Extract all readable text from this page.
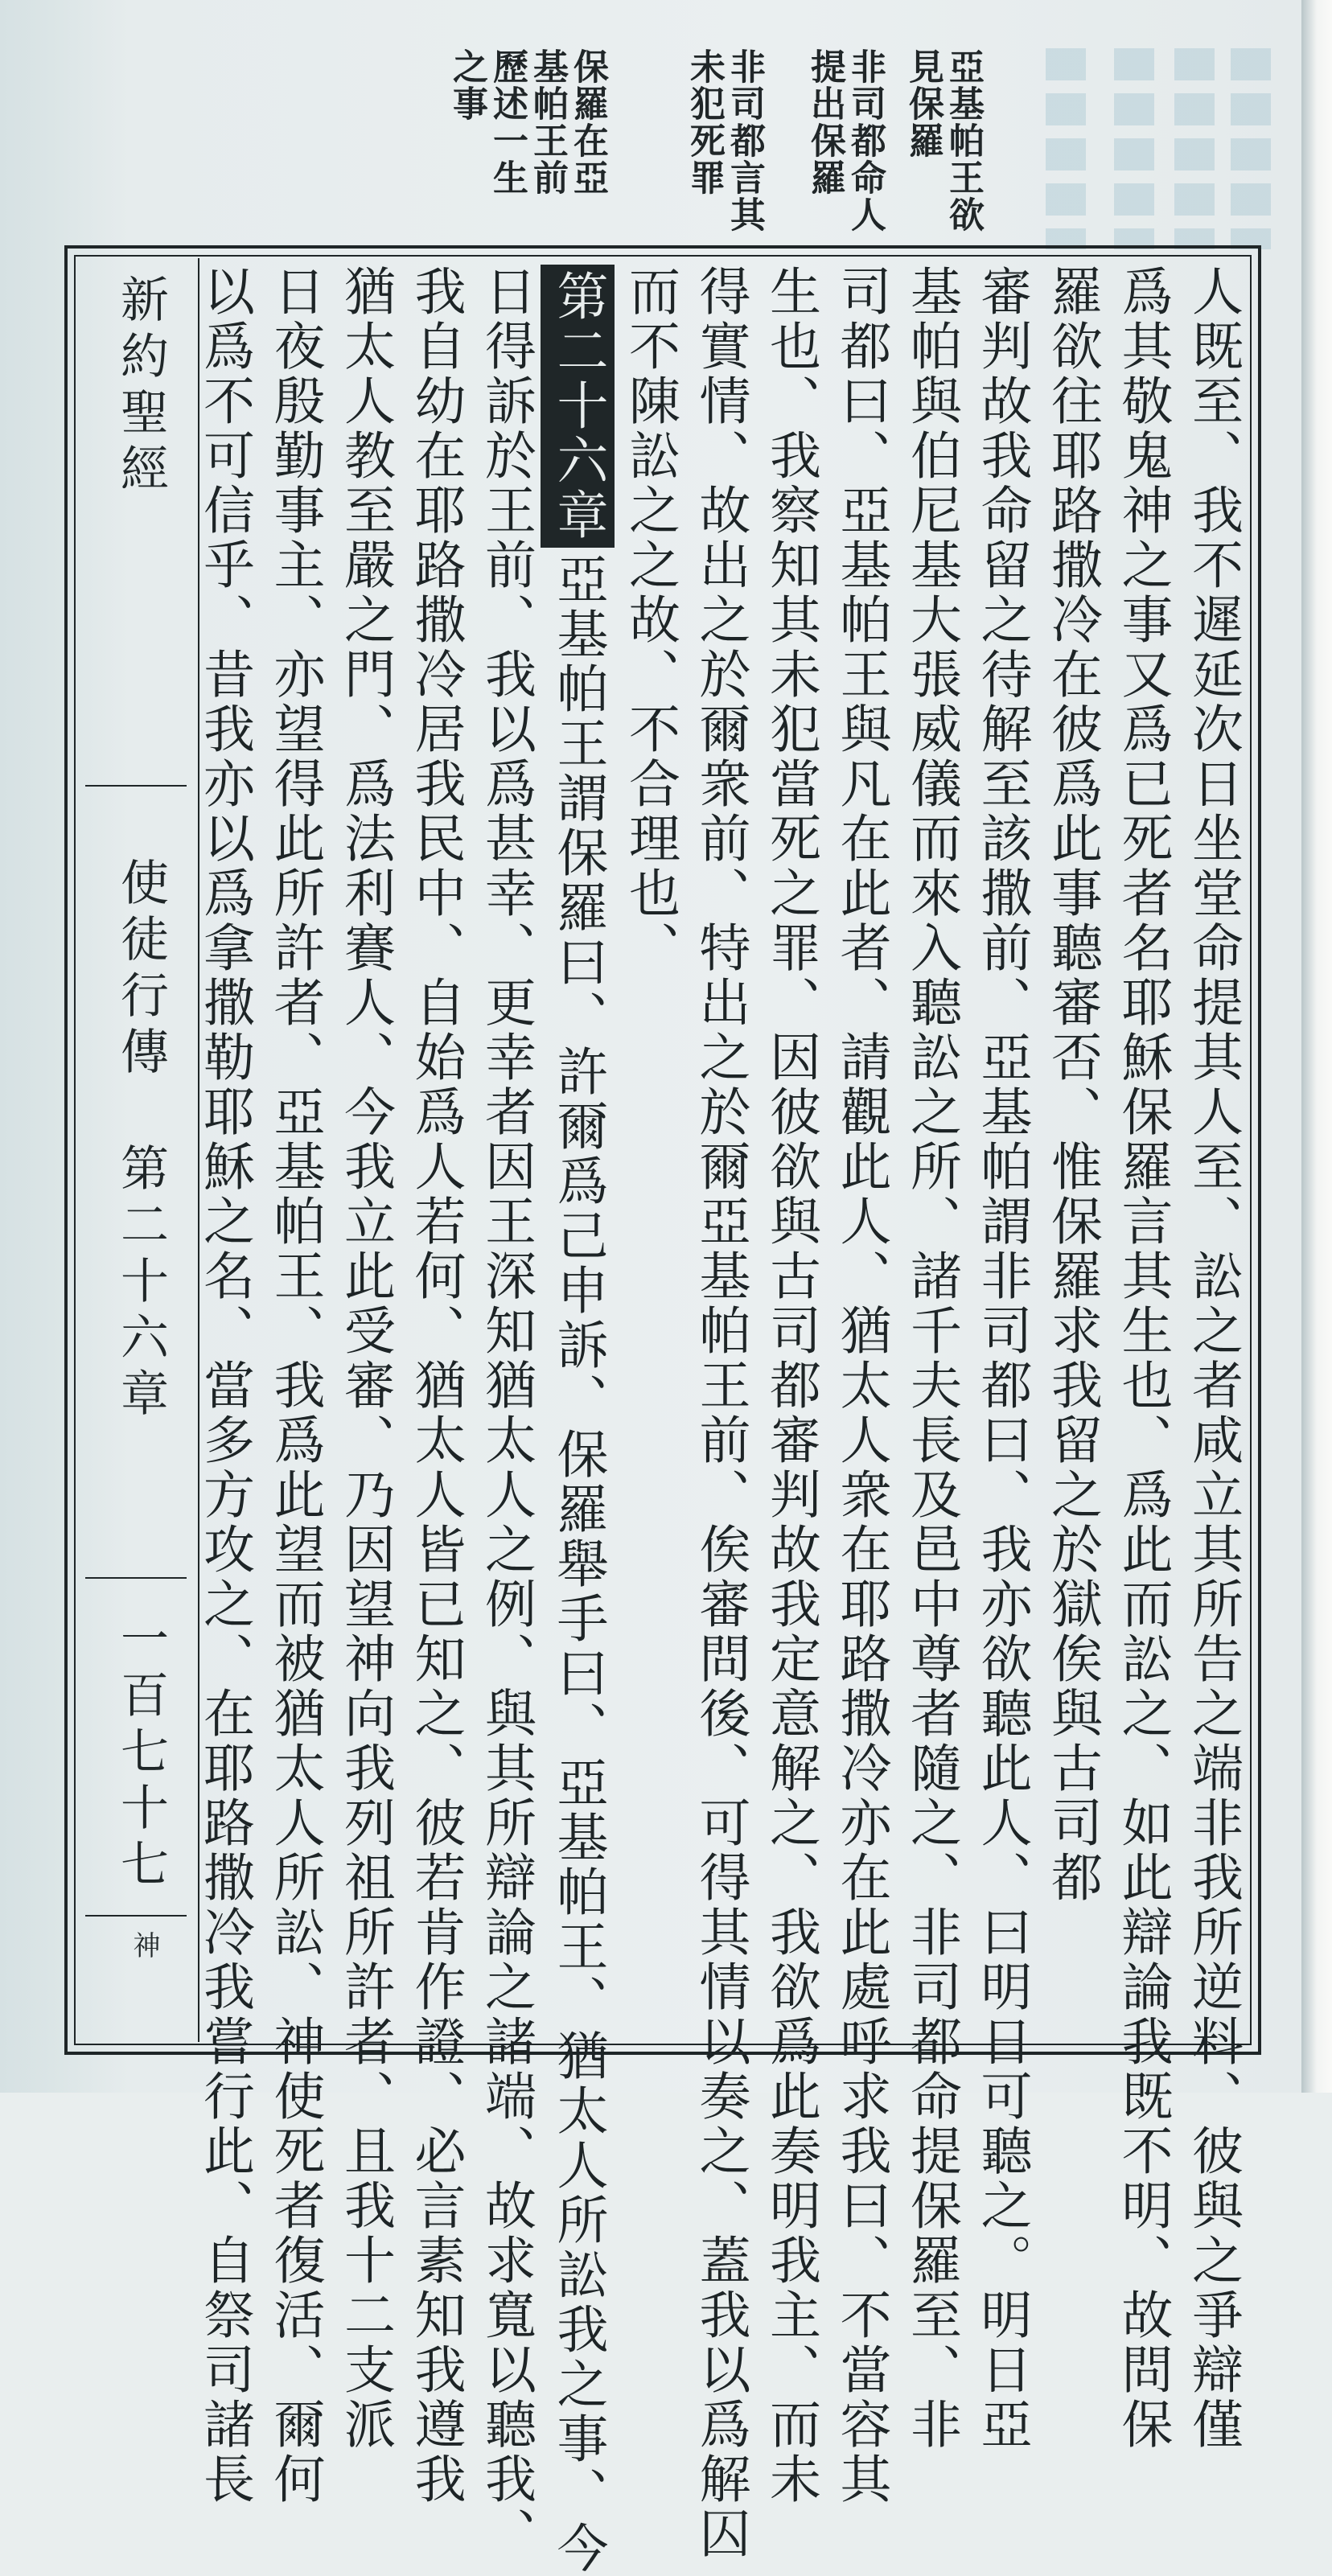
亞基帕王欲見保羅
非司都命人提出保羅
非司都言其未犯死罪
保羅在亞基帕王前歷述一生之事
新約聖經
使徒行傳
第二十六章
一百七十七
神	人既至、我不遲延次日坐堂命提其人至、訟之者咸立其所告之端非我所逆料、彼與之爭辯僅
爲其敬鬼神之事又爲已死者名耶穌保羅言其生也、爲此而訟之、如此辯論我既不明、故問保
羅欲往耶路撒冷在彼爲此事聽審否、惟保羅求我留之於獄俟與古司都
審判故我命留之待解至該撒前、亞基帕謂非司都曰、我亦欲聽此人、曰明日可聽之。明日亞
基帕與伯尼基大張威儀而來入聽訟之所、諸千夫長及邑中尊者隨之、非司都命提保羅至、非
司都曰、亞基帕王與凡在此者、請觀此人、猶太人衆在耶路撒冷亦在此處呼求我曰、不當容其
生也、我察知其未犯當死之罪、因彼欲與古司都審判故我定意解之、我欲爲此奏明我主、而未
得實情、故出之於爾衆前、特出之於爾亞基帕王前、俟審問後、可得其情以奏之、蓋我以爲解囚
而不陳訟之之故、不合理也、
第二十六章亞基帕王謂保羅曰、許爾爲己申訴、保羅舉手曰、亞基帕王、猶太人所訟我之事、今
日得訴於王前、我以爲甚幸、更幸者因王深知猶太人之例、與其所辯論之諸端、故求寬以聽我、
我自幼在耶路撒冷居我民中、自始爲人若何、猶太人皆已知之、彼若肯作證、必言素知我遵我
猶太人教至嚴之門、爲法利賽人、今我立此受審、乃因望神向我列祖所許者、且我十二支派
日夜殷勤事主、亦望得此所許者、亞基帕王、我爲此望而被猶太人所訟、神使死者復活、爾何
以爲不可信乎、昔我亦以爲拿撒勒耶穌之名、當多方攻之、在耶路撒冷我嘗行此、自祭司諸長
